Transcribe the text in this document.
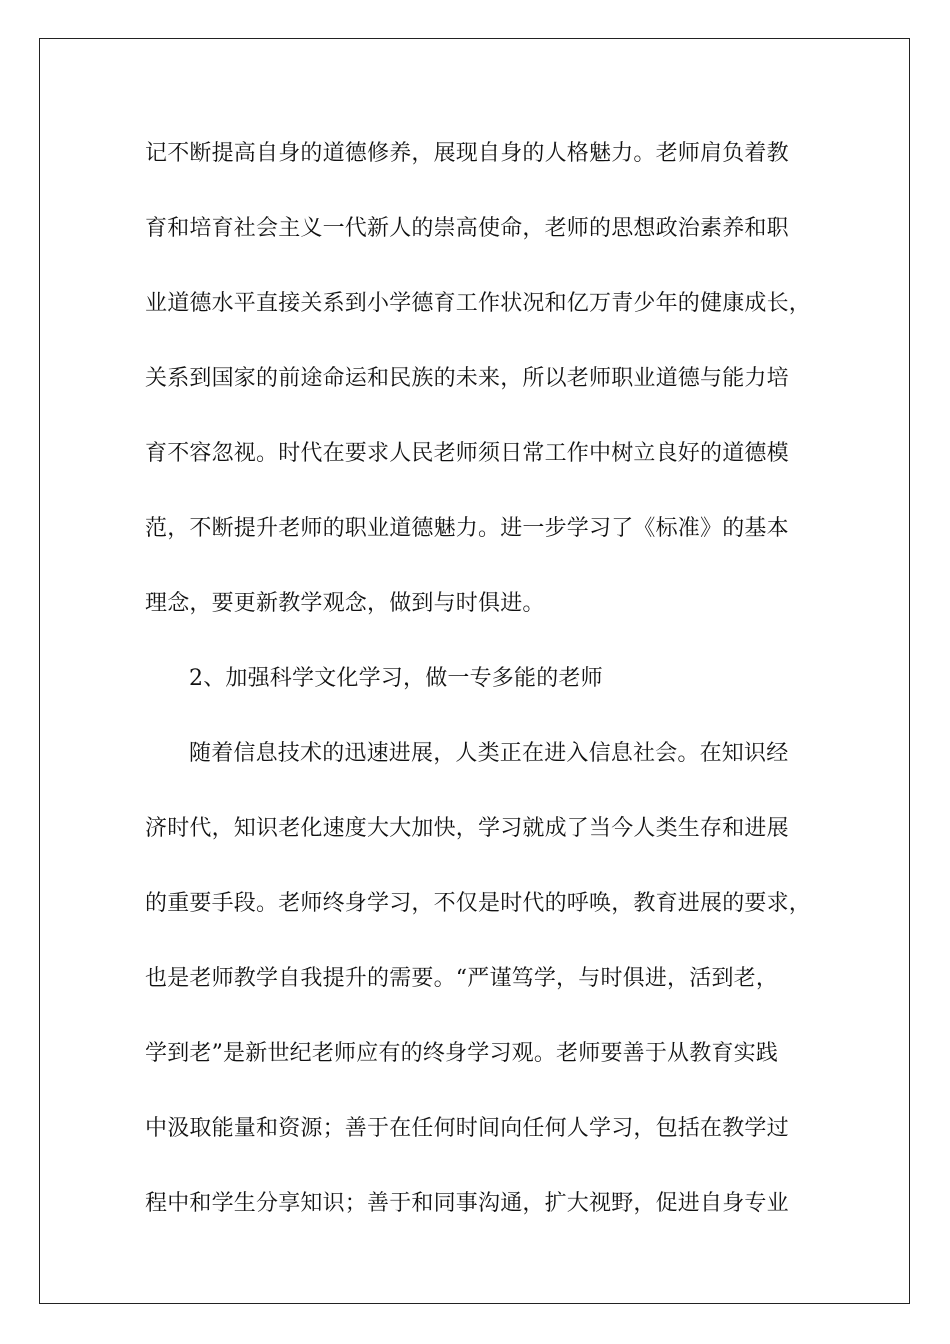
记不断提高自身的道德修养，展现自身的人格魅力。老师肩负着教
育和培育社会主义一代新人的崇高使命，老师的思想政治素养和职
业道德水平直接关系到小学德育工作状况和亿万青少年的健康成长，
关系到国家的前途命运和民族的未来，所以老师职业道德与能力培
育不容忽视。时代在要求人民老师须日常工作中树立良好的道德模
范，不断提升老师的职业道德魅力。进一步学习了《标准》的基本
理念，要更新教学观念，做到与时俱进。
2、加强科学文化学习，做一专多能的老师
随着信息技术的迅速进展，人类正在进入信息社会。在知识经
济时代，知识老化速度大大加快，学习就成了当今人类生存和进展
的重要手段。老师终身学习，不仅是时代的呼唤，教育进展的要求，
也是老师教学自我提升的需要。“严谨笃学，与时俱进，活到老，
学到老”是新世纪老师应有的终身学习观。老师要善于从教育实践
中汲取能量和资源；善于在任何时间向任何人学习，包括在教学过
程中和学生分享知识；善于和同事沟通，扩大视野，促进自身专业
